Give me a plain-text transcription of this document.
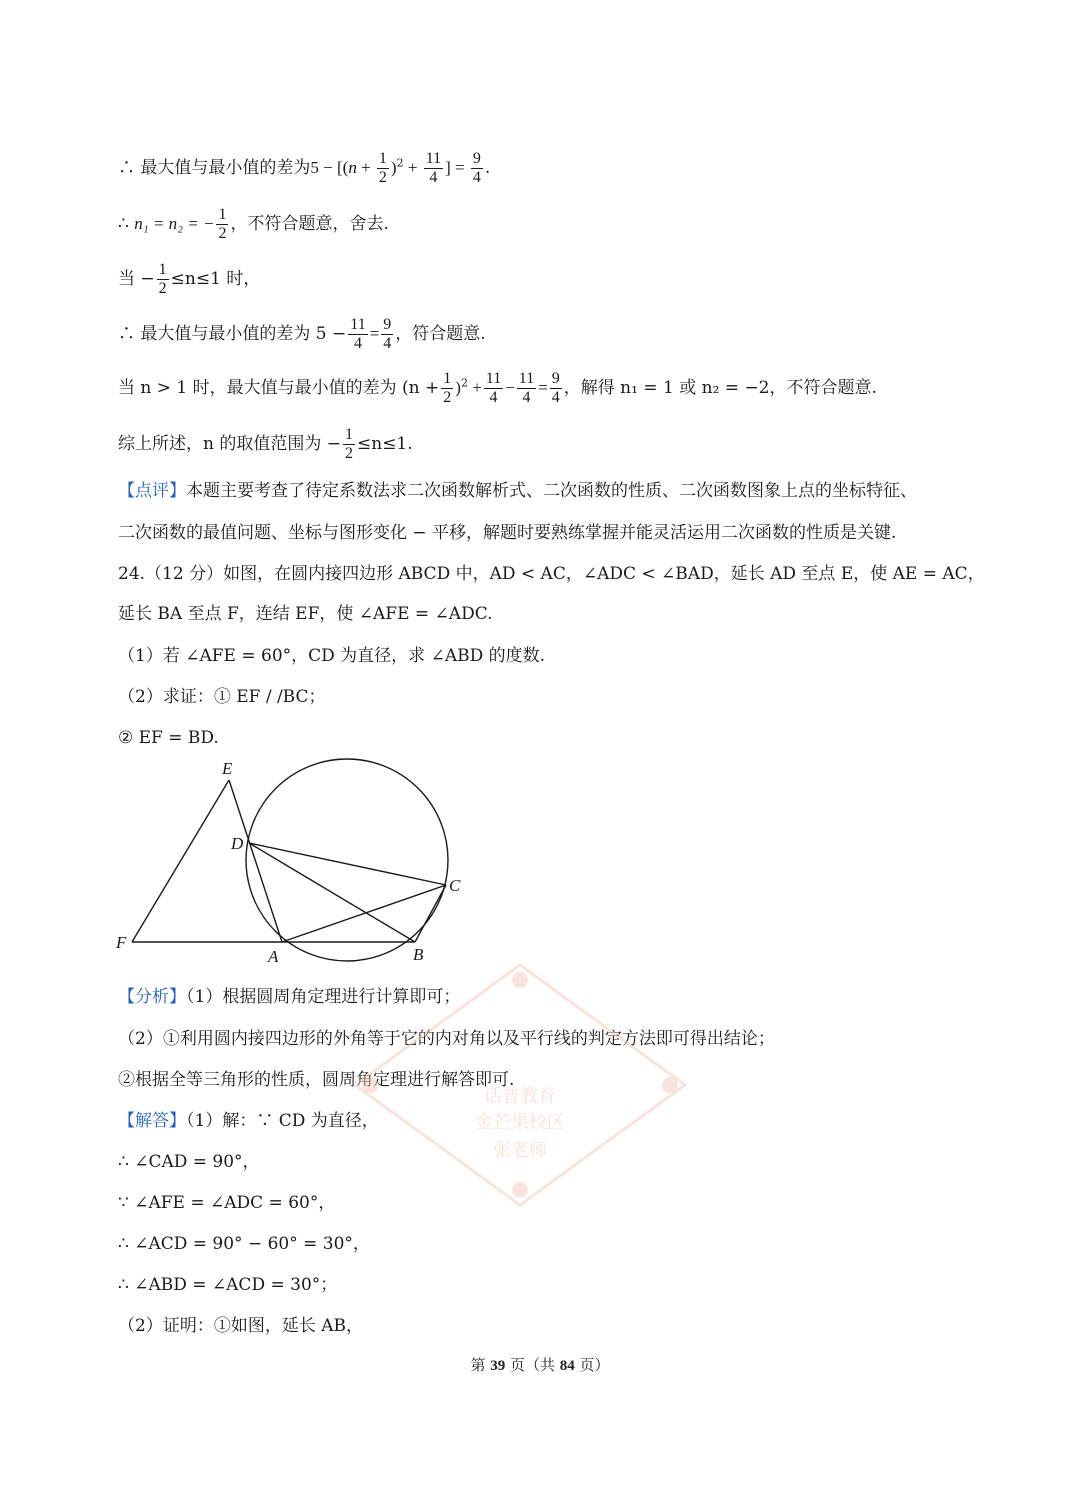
∴ 最大值与最小值的差为$5 - [(n + \frac{1}{2} )^2 + \frac{11}{4}$ ] = $\frac{9}{4}$ .
∴ n₁ = n₂ = − $\frac{1}{2}$ ，不符合题意，舍去.
当 − $\frac{1}{2} \le n\le 1$ 时，
∴ 最大值与最小值的差为 $5 - \frac{11}{4} = \frac{9}{4}$ ，符合题意.
当 n > 1 时，最大值与最小值的差为 $(n + \frac{1}{2} )^2 + \frac{11}{4} - \frac{11}{4} = \frac{9}{4}$ ，解得 n₁ = 1 或 n₂ = −2，不符合题意.
综上所述，n 的取值范围为 − $\frac{1}{2} \le n\le 1$.
【点评】本题主要考查了待定系数法求二次函数解析式、二次函数的性质、二次函数图象上点的坐标特征、
二次函数的最值问题、坐标与图形变化 − 平移，解题时要熟练掌握并能灵活运用二次函数的性质是关键.
24.（12 分）如图，在圆内接四边形 ABCD 中，AD < AC，∠ADC < ∠BAD，延长 AD 至点 E，使 AE = AC，
延长 BA 至点 F，连结 EF，使 ∠AFE = ∠ADC.
（1）若 ∠AFE = 60°，CD 为直径，求 ∠ABD 的度数.
（2）求证：① EF / /BC；
② EF = BD.
E
D
C
F
A	B
【分析】（1）根据圆周角定理进行计算即可；
（2）①利用圆内接四边形的外角等于它的内对角以及平行线的判定方法即可得出结论；
②根据全等三角形的性质，圆周角定理进行解答即可.
话普教育
金芒果校区
张老师
【解答】（1）解：∵ CD 为直径，
∴ ∠CAD = 90°，
∵ ∠AFE = ∠ADC = 60°，
∴ ∠ACD = 90° − 60° = 30°，
∴ ∠ABD = ∠ACD = 30°；
（2）证明：①如图，延长 AB，
第 39 页（共 84 页）
